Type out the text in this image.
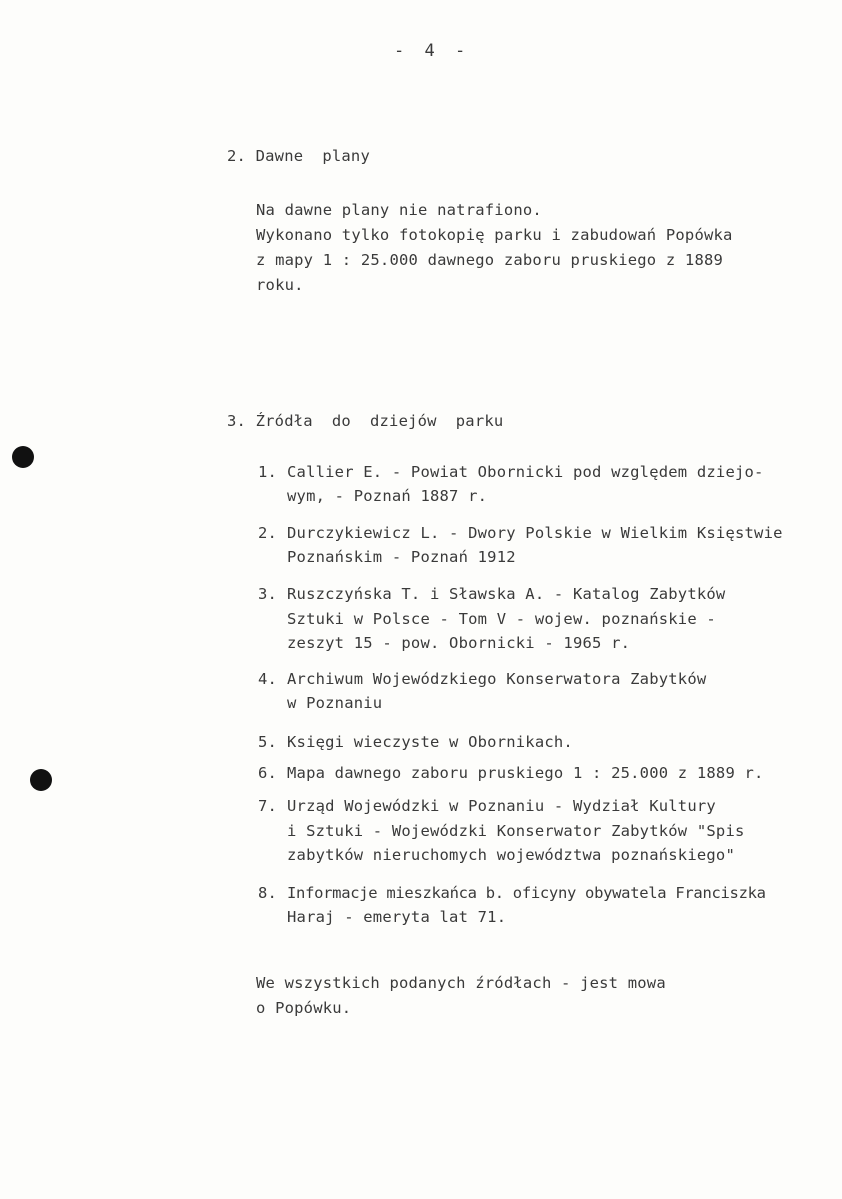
- 4 -
2. Dawne  plany
Na dawne plany nie natrafiono.
Wykonano tylko fotokopię parku i zabudowań Popówka
z mapy 1 : 25.000 dawnego zaboru pruskiego z 1889
roku.
3. Źródła  do  dziejów  parku
1. Callier E. - Powiat Obornicki pod względem dziejo-
wym, - Poznań 1887 r.
2. Durczykiewicz L. - Dwory Polskie w Wielkim Księstwie
Poznańskim - Poznań 1912
3. Ruszczyńska T. i Sławska A. - Katalog Zabytków
Sztuki w Polsce - Tom V - wojew. poznańskie -
zeszyt 15 - pow. Obornicki - 1965 r.
4. Archiwum Wojewódzkiego Konserwatora Zabytków
w Poznaniu
5. Księgi wieczyste w Obornikach.
6. Mapa dawnego zaboru pruskiego 1 : 25.000 z 1889 r.
7. Urząd Wojewódzki w Poznaniu - Wydział Kultury
i Sztuki - Wojewódzki Konserwator Zabytków "Spis
zabytków nieruchomych województwa poznańskiego"
8. Informacje mieszkańca b. oficyny obywatela Franciszka
Haraj - emeryta lat 71.
We wszystkich podanych źródłach - jest mowa
o Popówku.
